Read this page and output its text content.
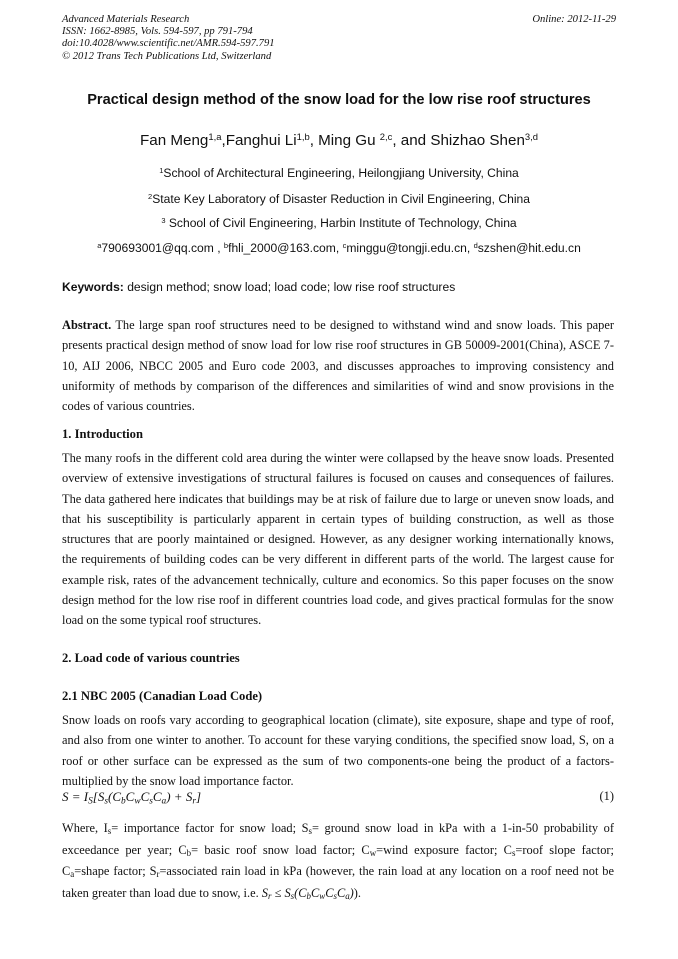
Advanced Materials Research
ISSN: 1662-8985, Vols. 594-597, pp 791-794
doi:10.4028/www.scientific.net/AMR.594-597.791
© 2012 Trans Tech Publications Ltd, Switzerland
Online: 2012-11-29
Practical design method of the snow load for the low rise roof structures
Fan Meng$^{1,a}$,Fanghui Li$^{1,b}$, Ming Gu $^{2,c}$, and Shizhao Shen$^{3,d}$
$^1$School of Architectural Engineering, Heilongjiang University, China
$^2$State Key Laboratory of Disaster Reduction in Civil Engineering, China
$^3$ School of Civil Engineering, Harbin Institute of Technology, China
$^a$790693001@qq.com , $^b$fhli_2000@163.com, $^c$minggu@tongji.edu.cn, $^d$szshen@hit.edu.cn
Keywords: design method; snow load; load code; low rise roof structures
Abstract. The large span roof structures need to be designed to withstand wind and snow loads. This paper presents practical design method of snow load for low rise roof structures in GB 50009-2001(China), ASCE 7-10, AIJ 2006, NBCC 2005 and Euro code 2003, and discusses approaches to improving consistency and uniformity of methods by comparison of the differences and similarities of wind and snow provisions in the codes of various countries.
1. Introduction
The many roofs in the different cold area during the winter were collapsed by the heave snow loads. Presented overview of extensive investigations of structural failures is focused on causes and consequences of failures. The data gathered here indicates that buildings may be at risk of failure due to large or uneven snow loads, and that his susceptibility is particularly apparent in certain types of building construction, as well as those structures that are poorly maintained or designed. However, as any designer working internationally knows, the requirements of building codes can be very different in different parts of the world. The largest cause for example risk, rates of the advancement technically, culture and economics. So this paper focuses on the snow design method for the low rise roof in different countries load code, and gives practical formulas for the snow load on the some typical roof structures.
2. Load code of various countries
2.1 NBC 2005 (Canadian Load Code)
Snow loads on roofs vary according to geographical location (climate), site exposure, shape and type of roof, and also from one winter to another. To account for these varying conditions, the specified snow load, S, on a roof or other surface can be expressed as the sum of two components-one being the product of a factors- multiplied by the snow load importance factor.
$S = I_S[S_s(C_bC_wC_sC_a) + S_r]$	(1)
Where, $I_s=$ importance factor for snow load; $S_s=$ ground snow load in kPa with a 1-in-50 probability of exceedance per year; $C_b=$ basic roof snow load factor; $C_w=wind$ exposure factor; $C_s=roof$ slope factor; $C_a=shape$ factor; $S_r=associated$ rain load in kPa (however, the rain load at any location on a roof need not be taken greater than load due to snow, i.e. $S_r \le S_s(C_bC_wC_sC_a)$).
